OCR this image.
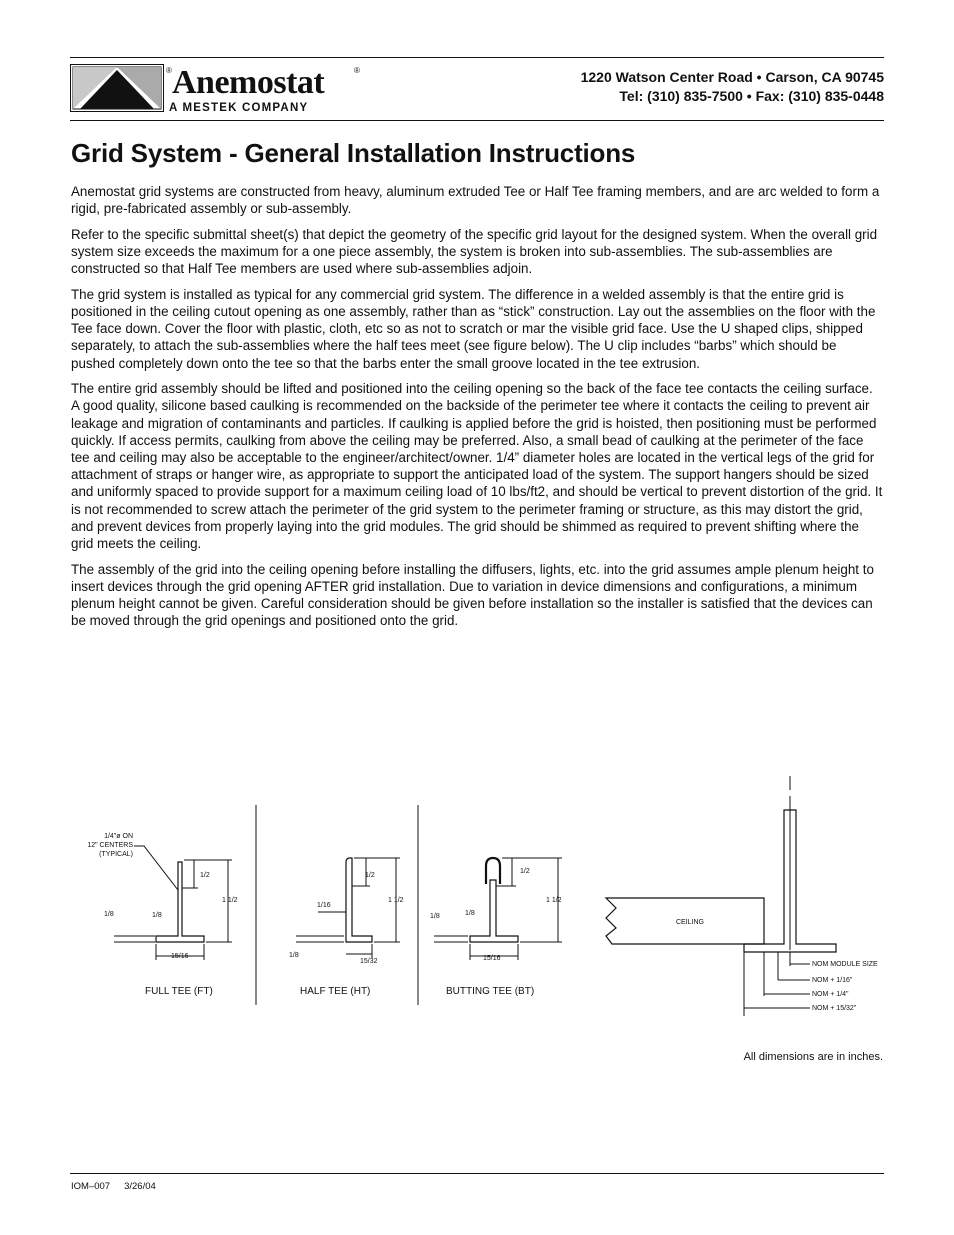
Anemostat
A MESTEK COMPANY
®	®	1220 Watson Center Road • Carson, CA 90745
Tel: (310) 835-7500 • Fax: (310) 835-0448
Grid System - General Installation Instructions

Anemostat grid systems are constructed from heavy, aluminum extruded Tee or Half Tee framing members, and are arc welded to form a rigid, pre-fabricated assembly or sub-assembly.

Refer to the specific submittal sheet(s) that depict the geometry of the specific grid layout for the designed system. When the overall grid system size exceeds the maximum for a one piece assembly, the system is broken into sub-assemblies. The sub-assemblies are constructed so that Half Tee members are used where sub-assemblies adjoin.

The grid system is installed as typical for any commercial grid system. The difference in a welded assembly is that the entire grid is positioned in the ceiling cutout opening as one assembly, rather than as “stick” construction. Lay out the assemblies on the floor with the Tee face down. Cover the floor with plastic, cloth, etc so as not to scratch or mar the visible grid face. Use the U shaped clips, shipped separately, to attach the sub-assemblies where the half tees meet (see figure below). The U clip includes “barbs” which should be pushed completely down onto the tee so that the barbs enter the small groove located in the tee extrusion.

The entire grid assembly should be lifted and positioned into the ceiling opening so the back of the face tee contacts the ceiling surface. A good quality, silicone based caulking is recommended on the backside of the perimeter tee where it contacts the ceiling to prevent air leakage and migration of contaminants and particles. If caulking is applied before the grid is hoisted, then positioning must be performed quickly. If access permits, caulking from above the ceiling may be preferred. Also, a small bead of caulking at the perimeter of the face tee and ceiling may also be acceptable to the engineer/architect/owner. 1/4” diameter holes are located in the vertical legs of the grid for attachment of straps or hanger wire, as appropriate to support the anticipated load of the system. The support hangers should be sized and uniformly spaced to provide support for a maximum ceiling load of 10 lbs/ft2, and should be vertical to prevent distortion of the grid. It is not recommended to screw attach the perimeter of the grid system to the perimeter framing or structure, as this may distort the grid, and prevent devices from properly laying into the grid modules. The grid should be shimmed as required to prevent shifting where the grid meets the ceiling.

The assembly of the grid into the ceiling opening before installing the diffusers, lights, etc. into the grid assumes ample plenum height to insert devices through the grid opening AFTER grid installation. Due to variation in device dimensions and configurations, a minimum plenum height cannot be given. Careful consideration should be given before installation so the installer is satisfied that the devices can be moved through the grid openings and positioned onto the grid.

1/4"ø ON
12" CENTERS
(TYPICAL)
1/2
1 1/2
1/8	1/8
15/16
FULL TEE (FT)
1/2
1 1/2
1/16
1/8
15/32
HALF TEE (HT)
1/2
1 1/2
1/8	1/8
15/16
BUTTING TEE (BT)
CEILING
NOM MODULE SIZE
NOM + 1/16"
NOM + 1/4"
NOM + 15/32"
All dimensions are in inches.
IOM–007 3/26/04
